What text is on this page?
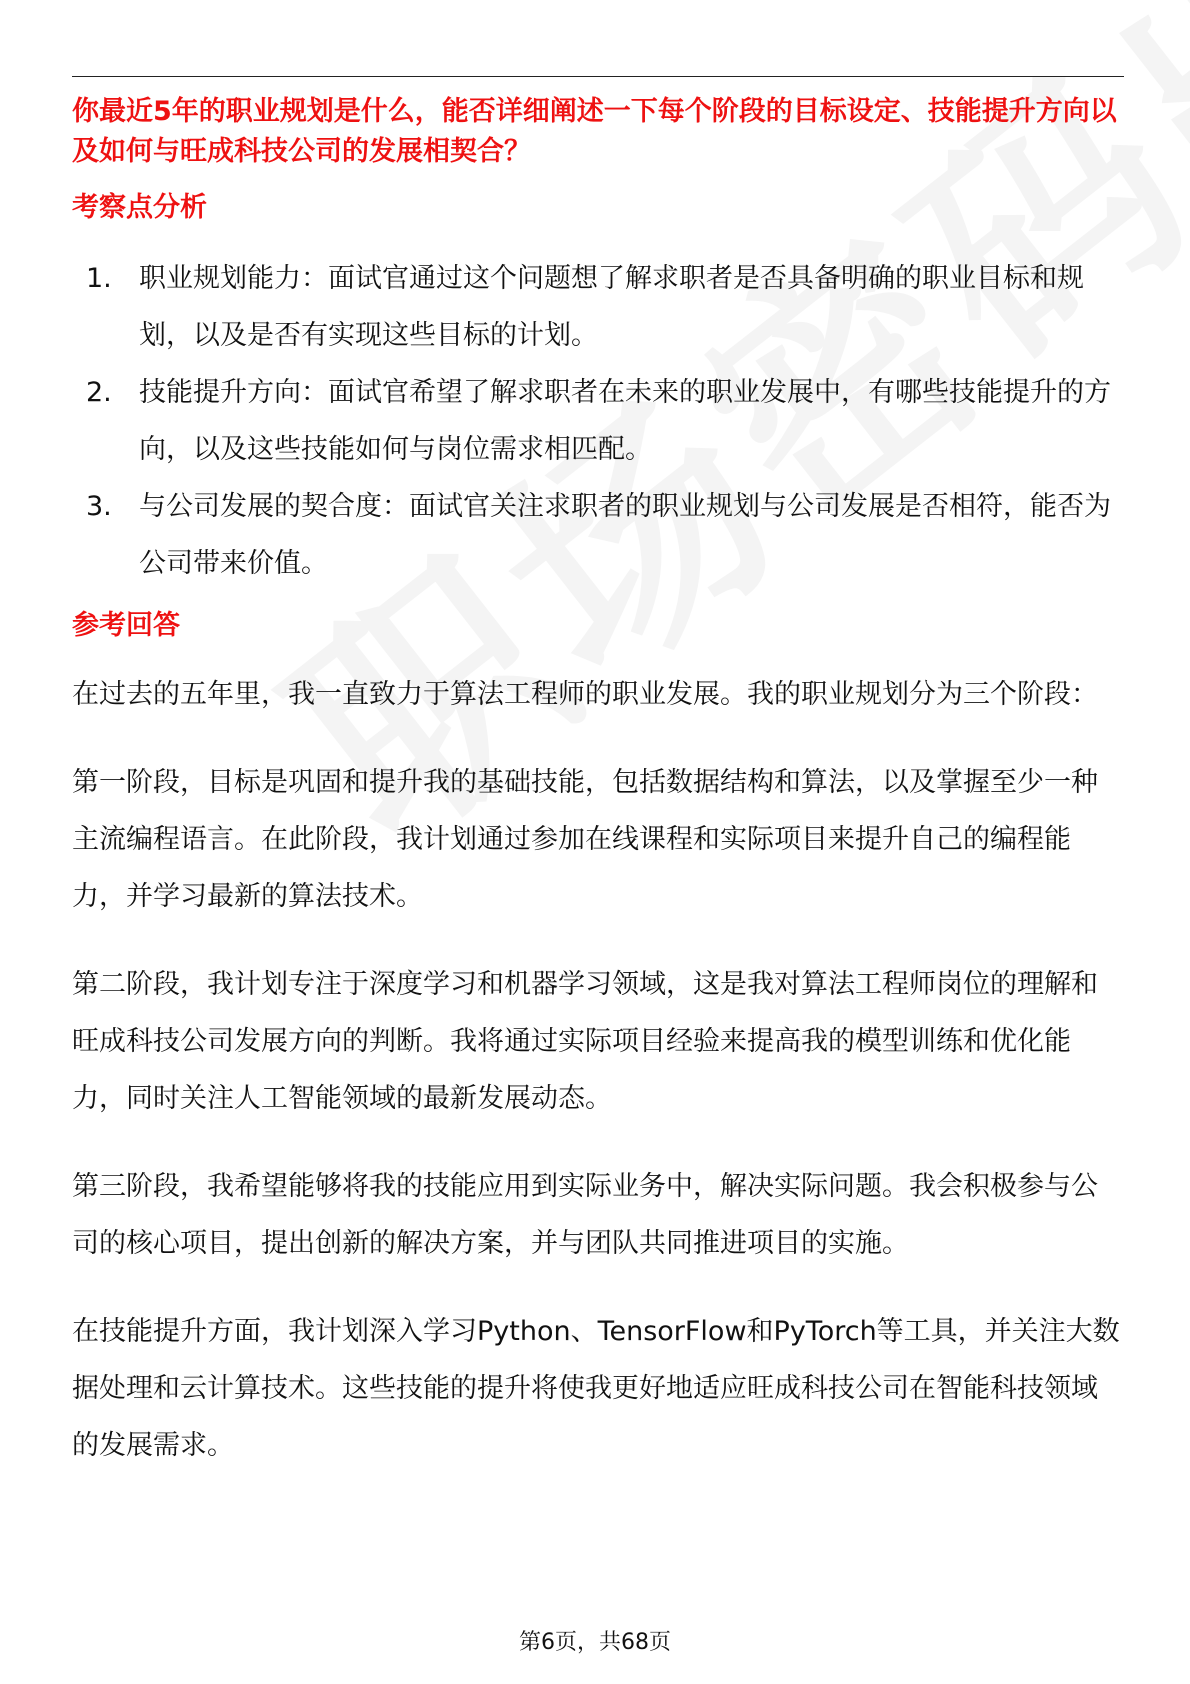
你最近5年的职业规划是什么，能否详细阐述一下每个阶段的目标设定、技能提升方向以及如何与旺成科技公司的发展相契合？

考察点分析
1.	职业规划能力：面试官通过这个问题想了解求职者是否具备明确的职业目标和规划，以及是否有实现这些目标的计划。
2.	技能提升方向：面试官希望了解求职者在未来的职业发展中，有哪些技能提升的方向，以及这些技能如何与岗位需求相匹配。
3.	与公司发展的契合度：面试官关注求职者的职业规划与公司发展是否相符，能否为公司带来价值。
参考回答

在过去的五年里，我一直致力于算法工程师的职业发展。我的职业规划分为三个阶段：

第一阶段，目标是巩固和提升我的基础技能，包括数据结构和算法，以及掌握至少一种主流编程语言。在此阶段，我计划通过参加在线课程和实际项目来提升自己的编程能力，并学习最新的算法技术。

第二阶段，我计划专注于深度学习和机器学习领域，这是我对算法工程师岗位的理解和旺成科技公司发展方向的判断。我将通过实际项目经验来提高我的模型训练和优化能力，同时关注人工智能领域的最新发展动态。

第三阶段，我希望能够将我的技能应用到实际业务中，解决实际问题。我会积极参与公司的核心项目，提出创新的解决方案，并与团队共同推进项目的实施。

在技能提升方面，我计划深入学习Python、TensorFlow和PyTorch等工具，并关注大数据处理和云计算技术。这些技能的提升将使我更好地适应旺成科技公司在智能科技领域的发展需求。

第6页，共68页
